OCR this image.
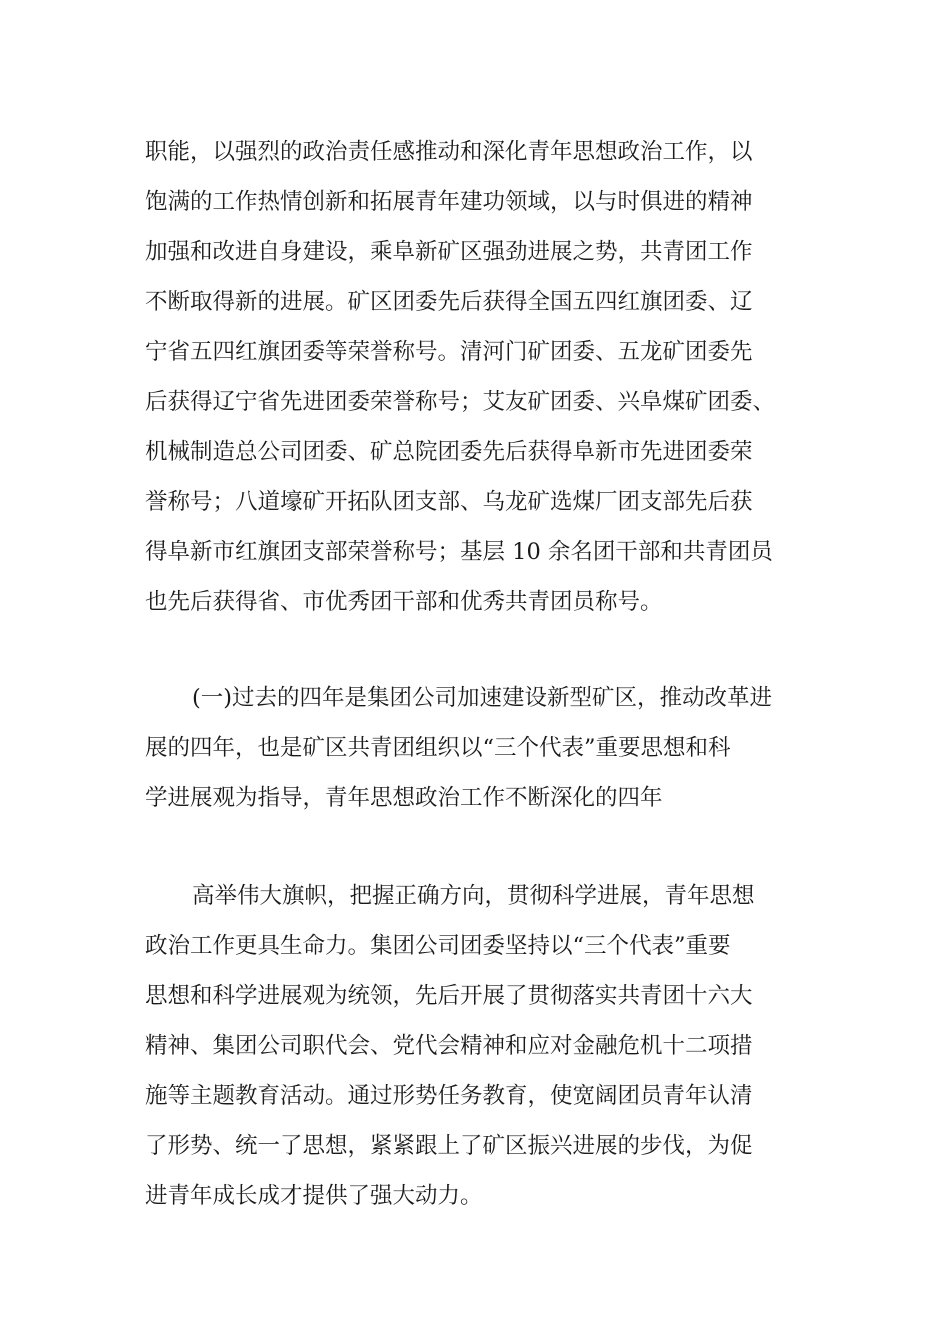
职能，以强烈的政治责任感推动和深化青年思想政治工作，以
饱满的工作热情创新和拓展青年建功领域，以与时俱进的精神
加强和改进自身建设，乘阜新矿区强劲进展之势，共青团工作
不断取得新的进展。矿区团委先后获得全国五四红旗团委、辽
宁省五四红旗团委等荣誉称号。清河门矿团委、五龙矿团委先
后获得辽宁省先进团委荣誉称号；艾友矿团委、兴阜煤矿团委、
机械制造总公司团委、矿总院团委先后获得阜新市先进团委荣
誉称号；八道壕矿开拓队团支部、乌龙矿选煤厂团支部先后获
得阜新市红旗团支部荣誉称号；基层 10 余名团干部和共青团员
也先后获得省、市优秀团干部和优秀共青团员称号。
(一)过去的四年是集团公司加速建设新型矿区，推动改革进
展的四年，也是矿区共青团组织以“三个代表”重要思想和科
学进展观为指导，青年思想政治工作不断深化的四年
高举伟大旗帜，把握正确方向，贯彻科学进展，青年思想
政治工作更具生命力。集团公司团委坚持以“三个代表”重要
思想和科学进展观为统领，先后开展了贯彻落实共青团十六大
精神、集团公司职代会、党代会精神和应对金融危机十二项措
施等主题教育活动。通过形势任务教育，使宽阔团员青年认清
了形势、统一了思想，紧紧跟上了矿区振兴进展的步伐，为促
进青年成长成才提供了强大动力。
